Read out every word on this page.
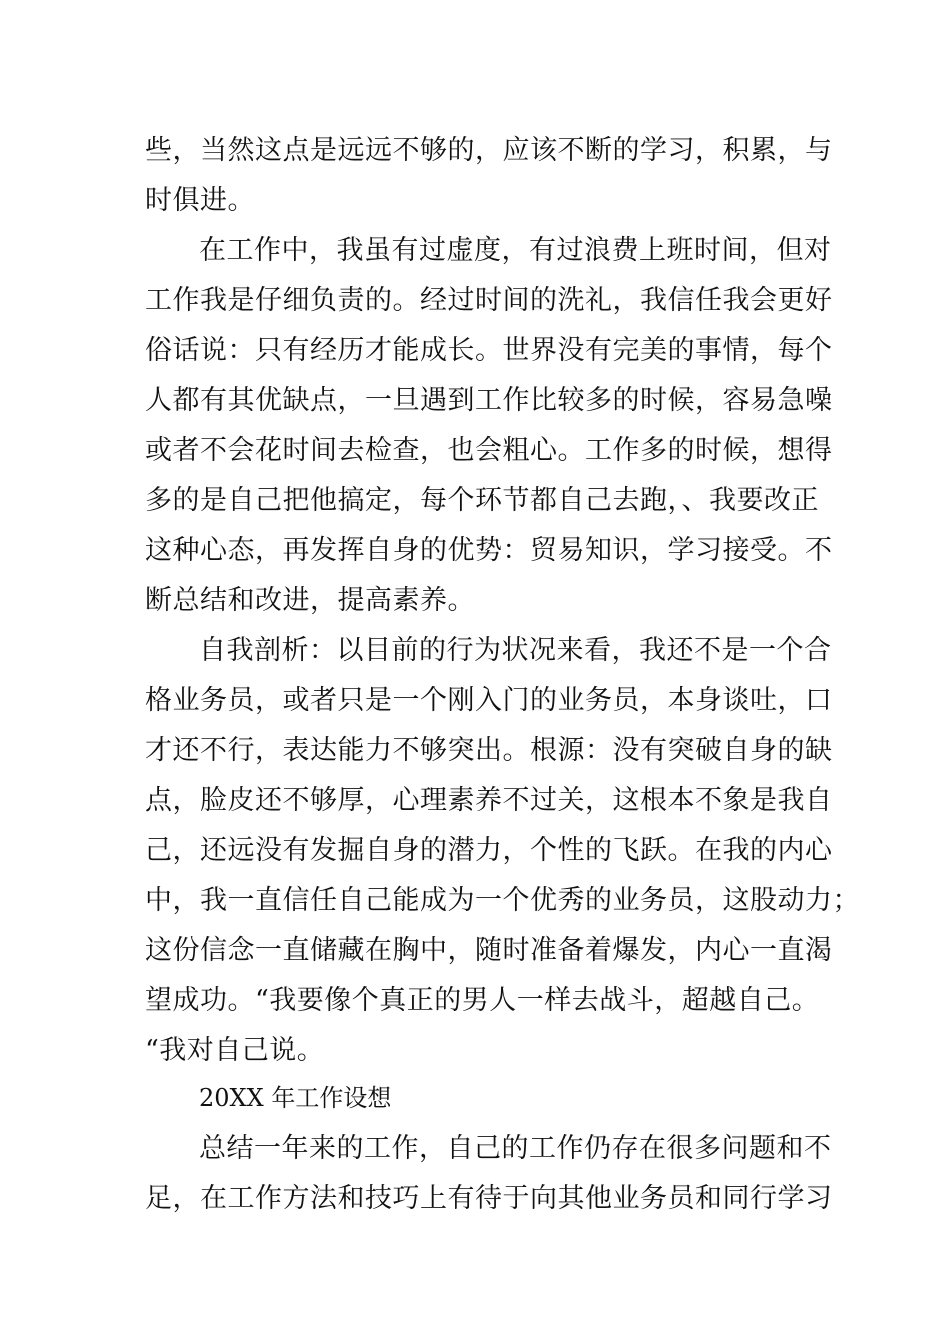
些，当然这点是远远不够的，应该不断的学习，积累，与
时俱进。
在工作中，我虽有过虚度，有过浪费上班时间，但对
工作我是仔细负责的。经过时间的洗礼，我信任我会更好
俗话说：只有经历才能成长。世界没有完美的事情，每个
人都有其优缺点，一旦遇到工作比较多的时候，容易急噪
或者不会花时间去检查，也会粗心。工作多的时候，想得
多的是自己把他搞定，每个环节都自己去跑，、我要改正
这种心态，再发挥自身的优势：贸易知识，学习接受。不
断总结和改进，提高素养。
自我剖析：以目前的行为状况来看，我还不是一个合
格业务员，或者只是一个刚入门的业务员，本身谈吐，口
才还不行，表达能力不够突出。根源：没有突破自身的缺
点，脸皮还不够厚，心理素养不过关，这根本不象是我自
己，还远没有发掘自身的潜力，个性的飞跃。在我的内心
中，我一直信任自己能成为一个优秀的业务员，这股动力；
这份信念一直储藏在胸中，随时准备着爆发，内心一直渴
望成功。“我要像个真正的男人一样去战斗，超越自己。
“我对自己说。
20XX 年工作设想
总结一年来的工作，自己的工作仍存在很多问题和不
足，在工作方法和技巧上有待于向其他业务员和同行学习
